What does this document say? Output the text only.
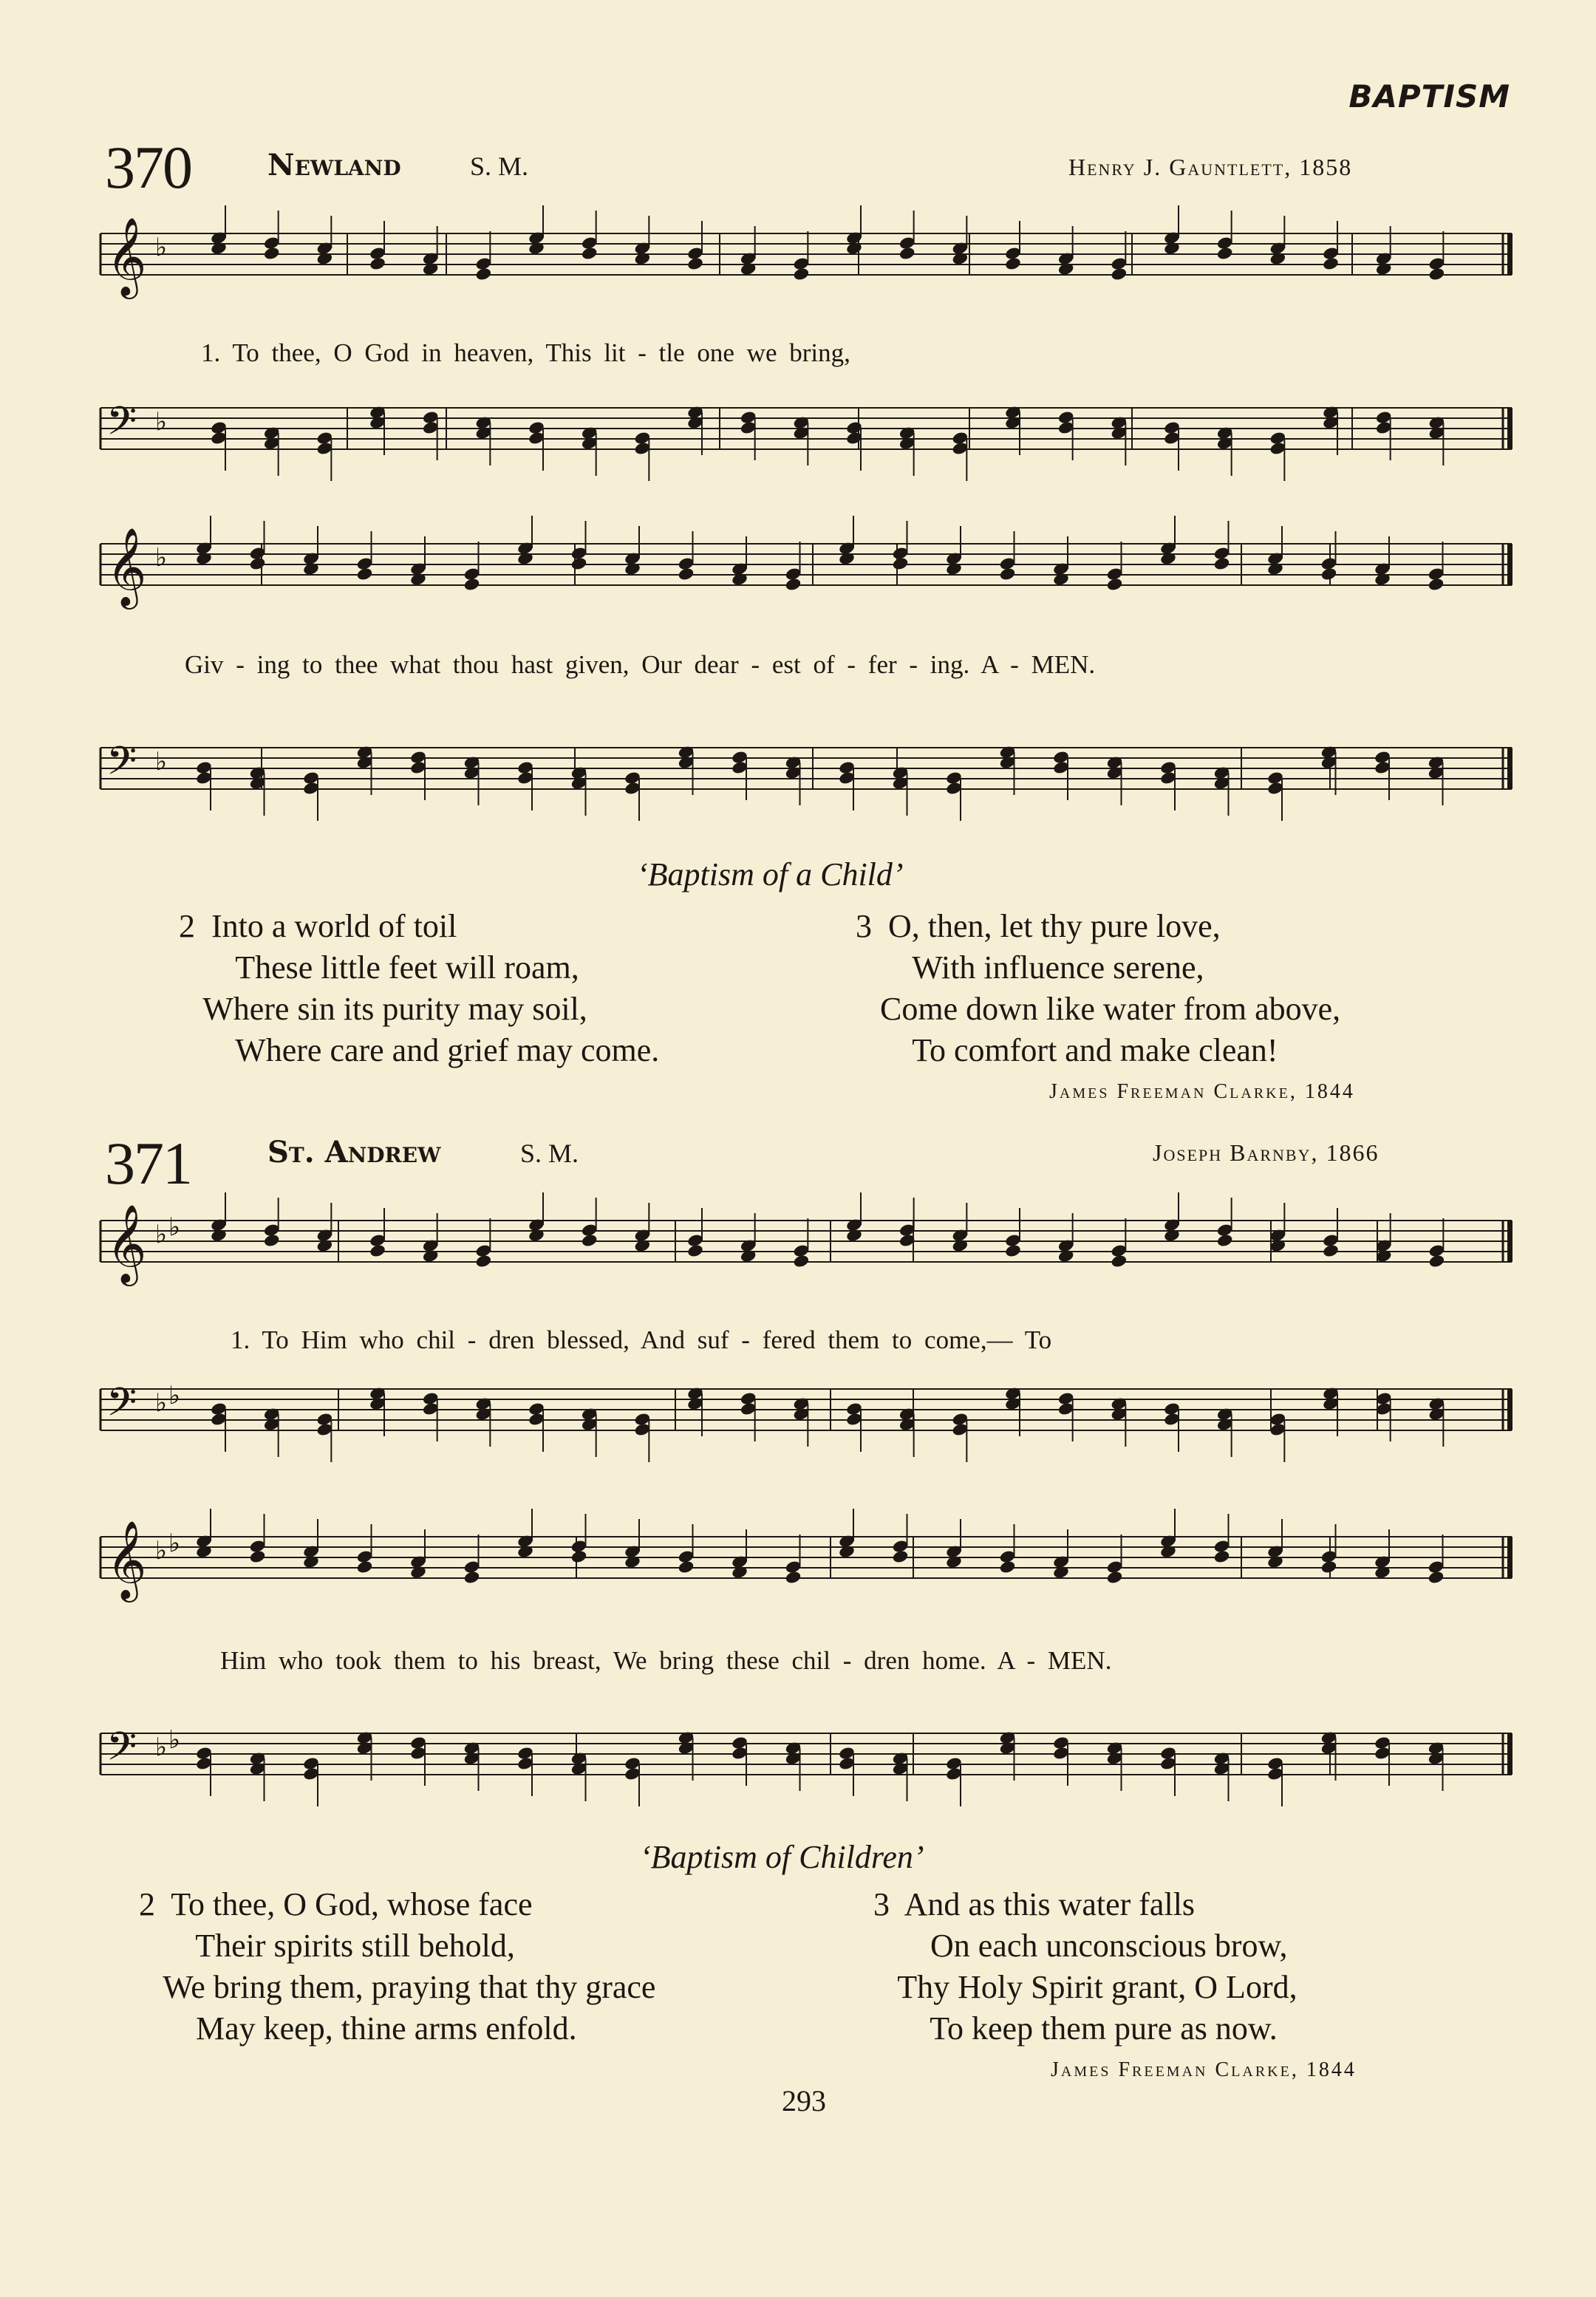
BAPTISM
370	Newland	S. M.	Henry J. Gauntlett, 1858
𝄞 ♭
𝄢 ♭
𝄞 ♭
𝄢 ♭
𝄞 ♭ ♭
𝄢 ♭ ♭
𝄞 ♭ ♭
𝄢 ♭ ♭
1. To thee, O God in heaven, This lit - tle one we bring,
Giv - ing to thee what thou hast given, Our dear - est of - fer - ing. A - MEN.
‘Baptism of a Child’
2  Into a world of toil
These little feet will roam,
Where sin its purity may soil,
Where care and grief may come.
3  O, then, let thy pure love,
With influence serene,
Come down like water from above,
To comfort and make clean!
James Freeman Clarke, 1844
371	St. Andrew	S. M.	Joseph Barnby, 1866
1. To Him who chil - dren blessed, And suf - fered them to come,— To
Him who took them to his breast, We bring these chil - dren home. A - MEN.
‘Baptism of Children’
2  To thee, O God, whose face
Their spirits still behold,
We bring them, praying that thy grace
May keep, thine arms enfold.
3  And as this water falls
On each unconscious brow,
Thy Holy Spirit grant, O Lord,
To keep them pure as now.
James Freeman Clarke, 1844
293
